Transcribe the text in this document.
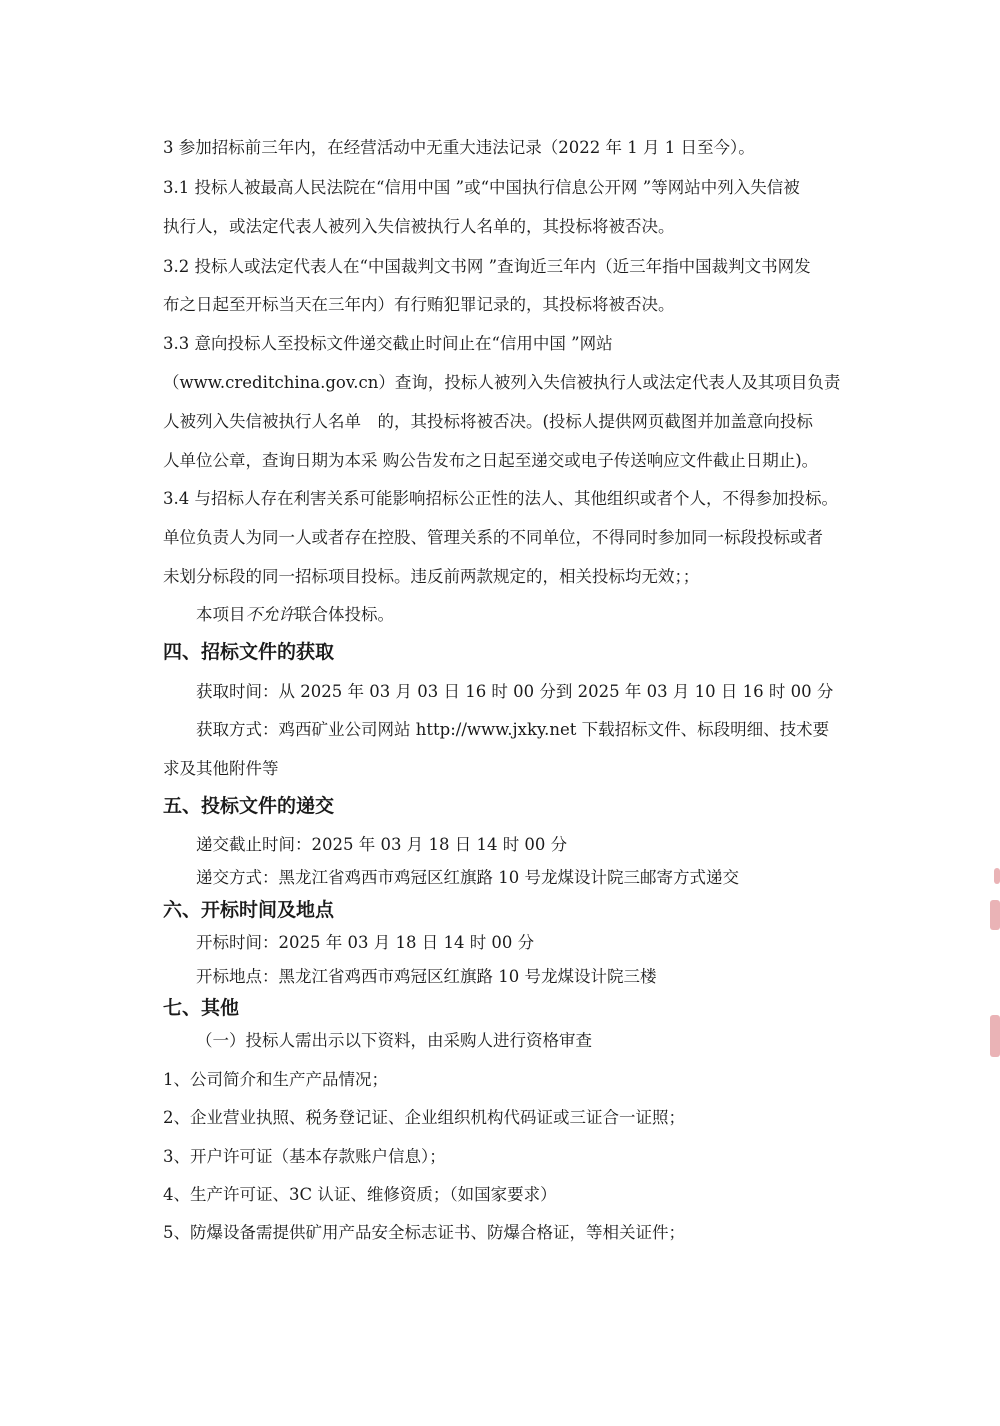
3 参加招标前三年内，在经营活动中无重大违法记录（2022 年 1 月 1 日至今）。
3.1 投标人被最高人民法院在“信用中国 ”或“中国执行信息公开网 ”等网站中列入失信被
执行人，或法定代表人被列入失信被执行人名单的，其投标将被否决。
3.2 投标人或法定代表人在“中国裁判文书网 ”查询近三年内（近三年指中国裁判文书网发
布之日起至开标当天在三年内）有行贿犯罪记录的，其投标将被否决。
3.3 意向投标人至投标文件递交截止时间止在“信用中国 ”网站
（www.creditchina.gov.cn）查询，投标人被列入失信被执行人或法定代表人及其项目负责
人被列入失信被执行人名单　的，其投标将被否决。(投标人提供网页截图并加盖意向投标
人单位公章，查询日期为本采 购公告发布之日起至递交或电子传送响应文件截止日期止)。
3.4 与招标人存在利害关系可能影响招标公正性的法人、其他组织或者个人，不得参加投标。
单位负责人为同一人或者存在控股、管理关系的不同单位，不得同时参加同一标段投标或者
未划分标段的同一招标项目投标。违反前两款规定的，相关投标均无效；；
本项目不允许联合体投标。
四、招标文件的获取
获取时间：从 2025 年 03 月 03 日 16 时 00 分到 2025 年 03 月 10 日 16 时 00 分
获取方式：鸡西矿业公司网站 http://www.jxky.net 下载招标文件、标段明细、技术要
求及其他附件等
五、投标文件的递交
递交截止时间：2025 年 03 月 18 日 14 时 00 分
递交方式：黑龙江省鸡西市鸡冠区红旗路 10 号龙煤设计院三邮寄方式递交
六、开标时间及地点
开标时间：2025 年 03 月 18 日 14 时 00 分
开标地点：黑龙江省鸡西市鸡冠区红旗路 10 号龙煤设计院三楼
七、其他
（一）投标人需出示以下资料，由采购人进行资格审查
1、公司简介和生产产品情况；
2、企业营业执照、税务登记证、企业组织机构代码证或三证合一证照；
3、开户许可证（基本存款账户信息）；
4、生产许可证、3C 认证、维修资质；（如国家要求）
5、防爆设备需提供矿用产品安全标志证书、防爆合格证，等相关证件；
